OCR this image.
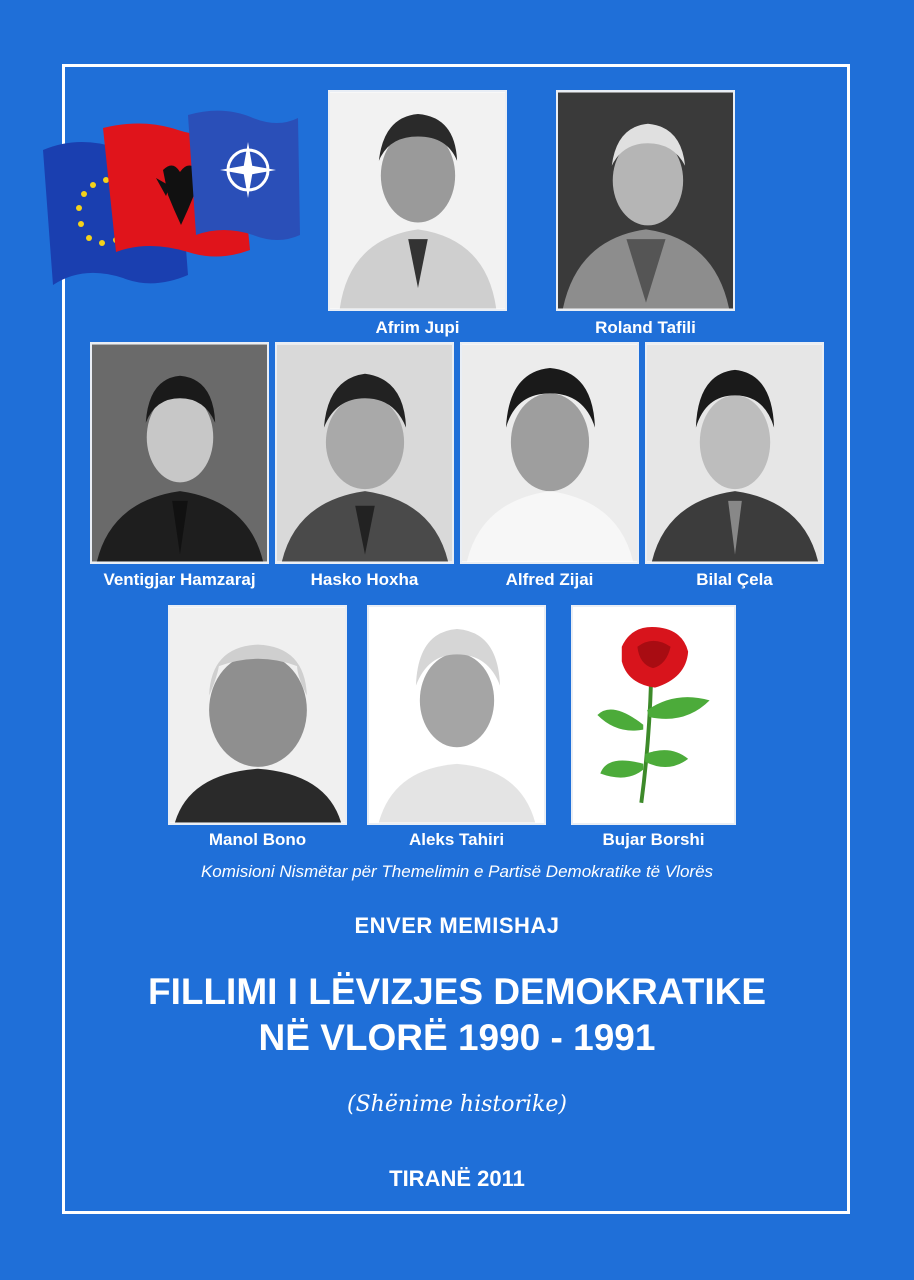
Afrim Jupi	Roland Tafili
Ventigjar Hamzaraj	Hasko Hoxha	Alfred Zijai	Bilal Çela
Manol Bono	Aleks Tahiri	Bujar Borshi
Komisioni Nismëtar për Themelimin e Partisë Demokratike të Vlorës
ENVER MEMISHAJ
FILLIMI I LËVIZJES DEMOKRATIKE
NË VLORË 1990 - 1991
(Shënime historike)
TIRANË 2011
